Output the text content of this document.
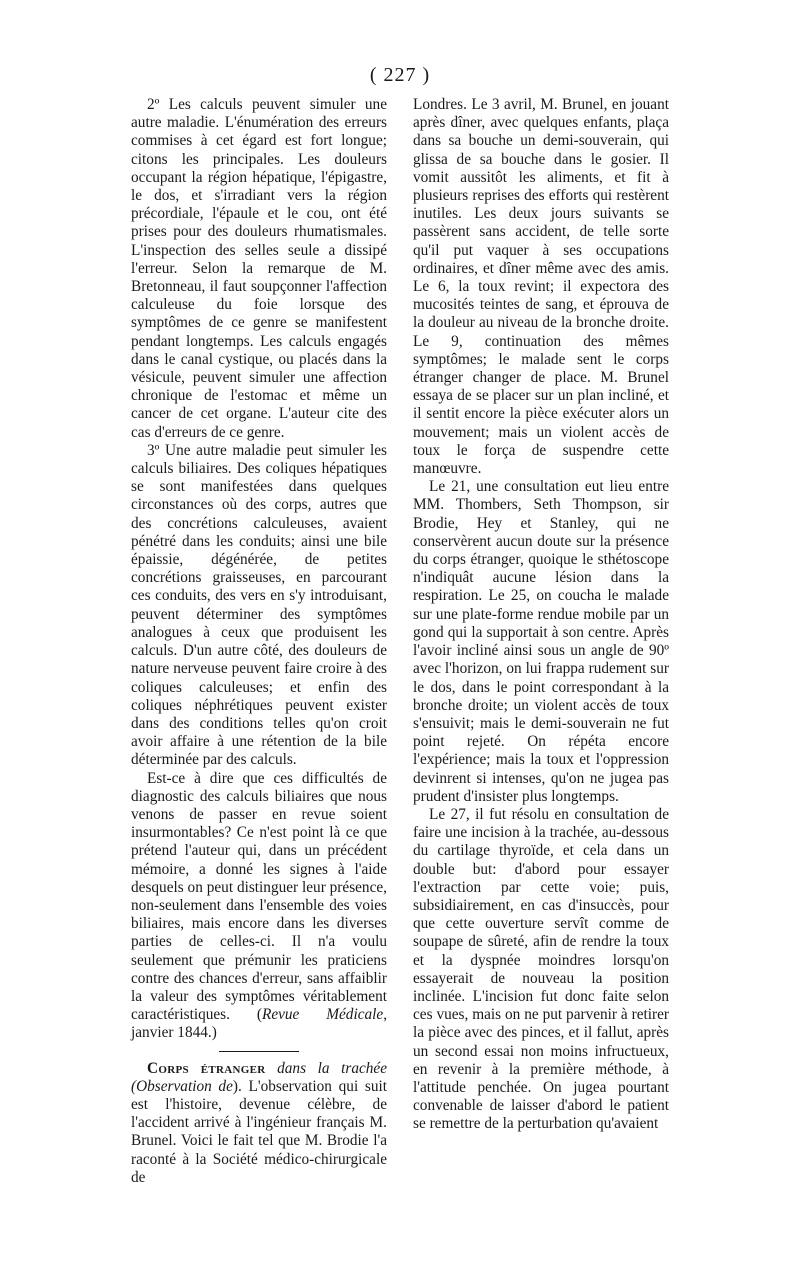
( 227 )

2º Les calculs peuvent simuler une autre maladie. L'énumération des erreurs commises à cet égard est fort longue; citons les principales. Les douleurs occupant la région hépatique, l'épigastre, le dos, et s'irradiant vers la région précordiale, l'épaule et le cou, ont été prises pour des douleurs rhumatismales. L'inspection des selles seule a dissipé l'erreur. Selon la remarque de M. Bretonneau, il faut soupçonner l'affection calculeuse du foie lorsque des symptômes de ce genre se manifestent pendant longtemps. Les calculs engagés dans le canal cystique, ou placés dans la vésicule, peuvent simuler une affection chronique de l'estomac et même un cancer de cet organe. L'auteur cite des cas d'erreurs de ce genre.

3º Une autre maladie peut simuler les calculs biliaires. Des coliques hépatiques se sont manifestées dans quelques circonstances où des corps, autres que des concrétions calculeuses, avaient pénétré dans les conduits; ainsi une bile épaissie, dégénérée, de petites concrétions graisseuses, en parcourant ces conduits, des vers en s'y introduisant, peuvent déterminer des symptômes analogues à ceux que produisent les calculs. D'un autre côté, des douleurs de nature nerveuse peuvent faire croire à des coliques calculeuses; et enfin des coliques néphrétiques peuvent exister dans des conditions telles qu'on croit avoir affaire à une rétention de la bile déterminée par des calculs.

Est-ce à dire que ces difficultés de diagnostic des calculs biliaires que nous venons de passer en revue soient insurmontables? Ce n'est point là ce que prétend l'auteur qui, dans un précédent mémoire, a donné les signes à l'aide desquels on peut distinguer leur présence, non-seulement dans l'ensemble des voies biliaires, mais encore dans les diverses parties de celles-ci. Il n'a voulu seulement que prémunir les praticiens contre des chances d'erreur, sans affaiblir la valeur des symptômes véritablement caractéristiques. (Revue Médicale, janvier 1844.)

Corps étranger dans la trachée (Observation de). L'observation qui suit est l'histoire, devenue célèbre, de l'accident arrivé à l'ingénieur français M. Brunel. Voici le fait tel que M. Brodie l'a raconté à la Société médico-chirurgicale de

Londres. Le 3 avril, M. Brunel, en jouant après dîner, avec quelques enfants, plaça dans sa bouche un demi-souverain, qui glissa de sa bouche dans le gosier. Il vomit aussitôt les aliments, et fit à plusieurs reprises des efforts qui restèrent inutiles. Les deux jours suivants se passèrent sans accident, de telle sorte qu'il put vaquer à ses occupations ordinaires, et dîner même avec des amis. Le 6, la toux revint; il expectora des mucosités teintes de sang, et éprouva de la douleur au niveau de la bronche droite. Le 9, continuation des mêmes symptômes; le malade sent le corps étranger changer de place. M. Brunel essaya de se placer sur un plan incliné, et il sentit encore la pièce exécuter alors un mouvement; mais un violent accès de toux le força de suspendre cette manœuvre.

Le 21, une consultation eut lieu entre MM. Thombers, Seth Thompson, sir Brodie, Hey et Stanley, qui ne conservèrent aucun doute sur la présence du corps étranger, quoique le sthétoscope n'indiquât aucune lésion dans la respiration. Le 25, on coucha le malade sur une plate-forme rendue mobile par un gond qui la supportait à son centre. Après l'avoir incliné ainsi sous un angle de 90º avec l'horizon, on lui frappa rudement sur le dos, dans le point correspondant à la bronche droite; un violent accès de toux s'ensuivit; mais le demi-souverain ne fut point rejeté. On répéta encore l'expérience; mais la toux et l'oppression devinrent si intenses, qu'on ne jugea pas prudent d'insister plus longtemps.

Le 27, il fut résolu en consultation de faire une incision à la trachée, au-dessous du cartilage thyroïde, et cela dans un double but: d'abord pour essayer l'extraction par cette voie; puis, subsidiairement, en cas d'insuccès, pour que cette ouverture servît comme de soupape de sûreté, afin de rendre la toux et la dyspnée moindres lorsqu'on essayerait de nouveau la position inclinée. L'incision fut donc faite selon ces vues, mais on ne put parvenir à retirer la pièce avec des pinces, et il fallut, après un second essai non moins infructueux, en revenir à la première méthode, à l'attitude penchée. On jugea pourtant convenable de laisser d'abord le patient se remettre de la perturbation qu'avaient
